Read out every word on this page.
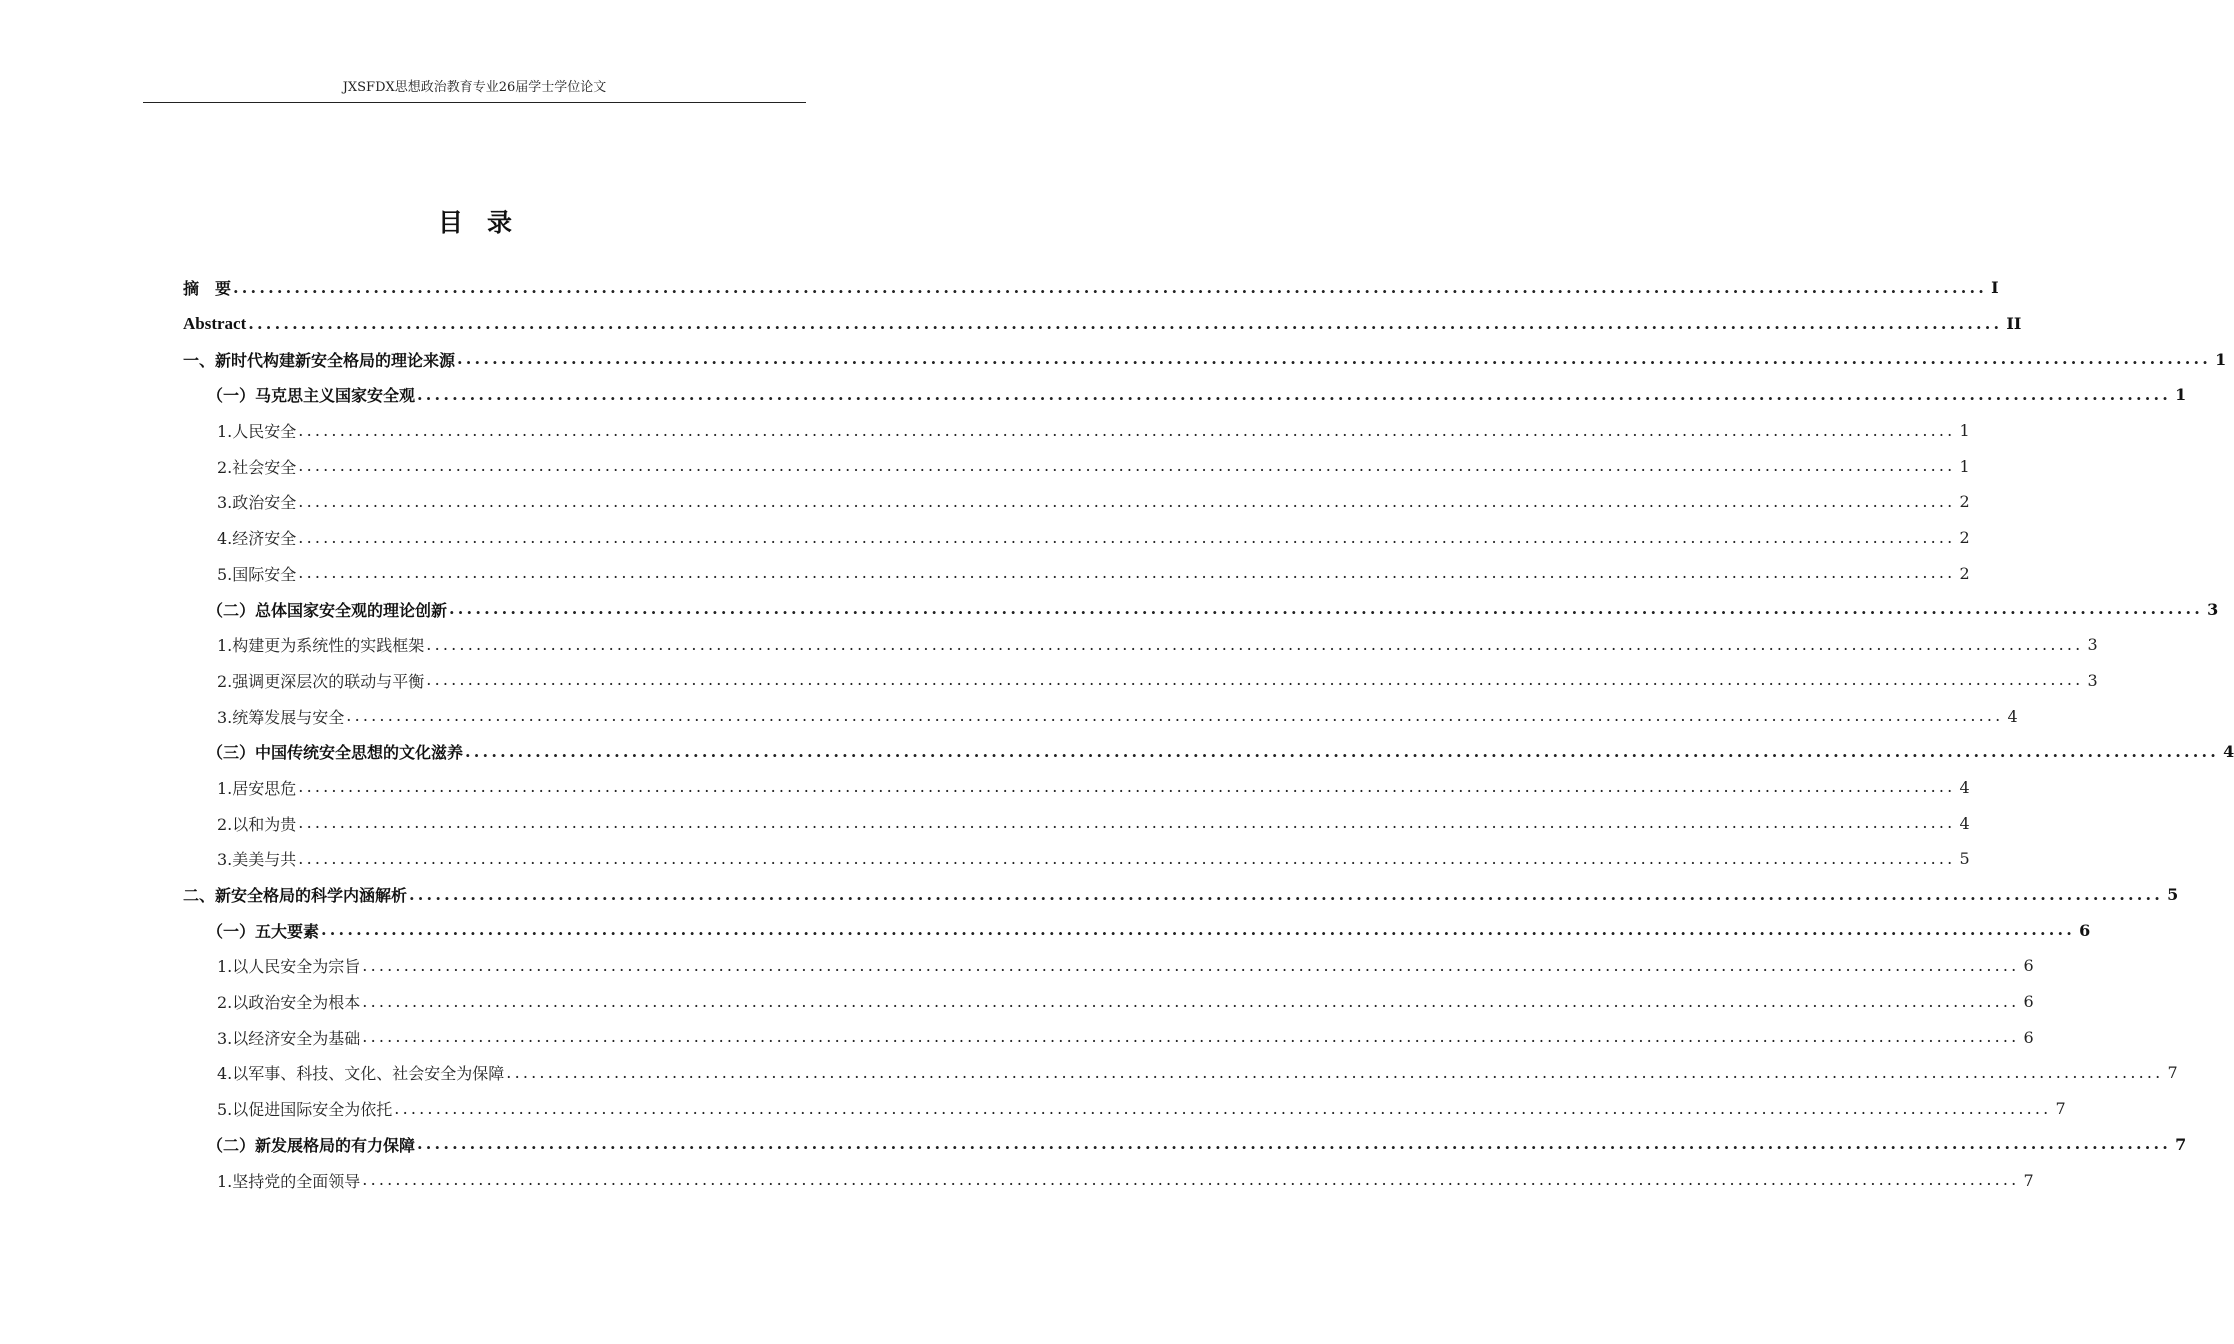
JXSFDX思想政治教育专业26届学士学位论文
目录
摘　要 ........................................................................................................................................................................................................ I
Abstract ........................................................................................................................................................................................................ II
一、新时代构建新安全格局的理论来源 ........................................................................................................................................................................................................ 1
（一）马克思主义国家安全观 ........................................................................................................................................................................................................ 1
1.人民安全 ........................................................................................................................................................................................................ 1
2.社会安全 ........................................................................................................................................................................................................ 1
3.政治安全 ........................................................................................................................................................................................................ 2
4.经济安全 ........................................................................................................................................................................................................ 2
5.国际安全 ........................................................................................................................................................................................................ 2
（二）总体国家安全观的理论创新 ........................................................................................................................................................................................................ 3
1.构建更为系统性的实践框架 ........................................................................................................................................................................................................ 3
2.强调更深层次的联动与平衡 ........................................................................................................................................................................................................ 3
3.统筹发展与安全 ........................................................................................................................................................................................................ 4
（三）中国传统安全思想的文化滋养 ........................................................................................................................................................................................................ 4
1.居安思危 ........................................................................................................................................................................................................ 4
2.以和为贵 ........................................................................................................................................................................................................ 4
3.美美与共 ........................................................................................................................................................................................................ 5
二、新安全格局的科学内涵解析 ........................................................................................................................................................................................................ 5
（一）五大要素 ........................................................................................................................................................................................................ 6
1.以人民安全为宗旨 ........................................................................................................................................................................................................ 6
2.以政治安全为根本 ........................................................................................................................................................................................................ 6
3.以经济安全为基础 ........................................................................................................................................................................................................ 6
4.以军事、科技、文化、社会安全为保障 ........................................................................................................................................................................................................ 7
5.以促进国际安全为依托 ........................................................................................................................................................................................................ 7
（二）新发展格局的有力保障 ........................................................................................................................................................................................................ 7
1.坚持党的全面领导 ........................................................................................................................................................................................................ 7
